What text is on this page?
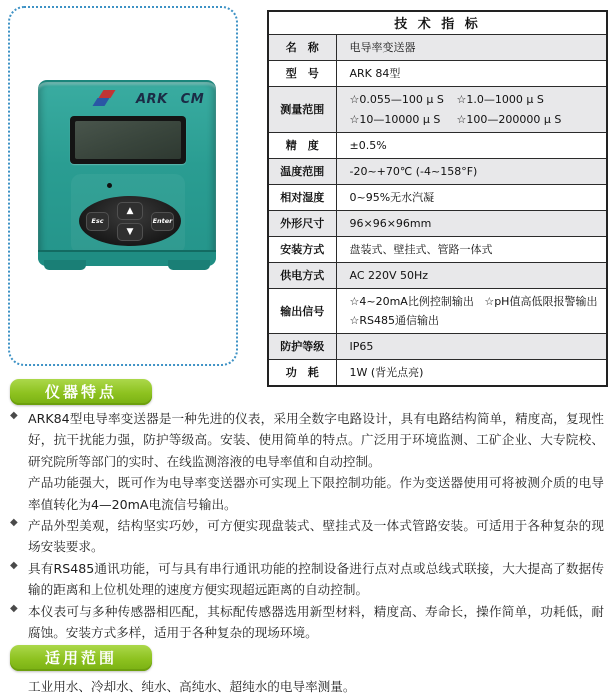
ARK CM
Esc
▲
▼
Enter
技 术 指 标	
名　称	电导率变送器
型　号	ARK 84型
测量范围	☆0.055—100 μ S ☆1.0—1000 μ S
☆10—10000 μ S ☆100—200000 μ S

精　度	±0.5%
温度范围	-20~+70℃ (-4~158°F)
相对湿度	0~95%无水汽凝
外形尺寸	96×96×96mm
安装方式	盘装式、壁挂式、管路一体式
供电方式	AC 220V 50Hz
输出信号	☆4~20mA比例控制输出 ☆pH值高低限报警输出
☆RS485通信输出

防护等级	IP65
功　耗	1W (背光点亮)
仪器特点
◆ ARK84型电导率变送器是一种先进的仪表，采用全数字电路设计，具有电路结构简单，精度高，复现性好，抗干扰能力强，防护等级高。安装、使用简单的特点。广泛用于环境监测、工矿企业、大专院校、研究院所等部门的实时、在线监测溶液的电导率值和自动控制。

产品功能强大，既可作为电导率变送器亦可实现上下限控制功能。作为变送器使用可将被测介质的电导率值转化为4—20mA电流信号输出。

◆ 产品外型美观，结构坚实巧妙，可方便实现盘装式、壁挂式及一体式管路安装。可适用于各种复杂的现场安装要求。

◆ 具有RS485通讯功能，可与具有串行通讯功能的控制设备进行点对点或总线式联接，大大提高了数据传输的距离和上位机处理的速度方便实现超远距离的自动控制。

◆ 本仪表可与多种传感器相匹配，其标配传感器选用新型材料，精度高、寿命长，操作简单，功耗低，耐腐蚀。安装方式多样，适用于各种复杂的现场环境。

适用范围
工业用水、冷却水、纯水、高纯水、超纯水的电导率测量。
